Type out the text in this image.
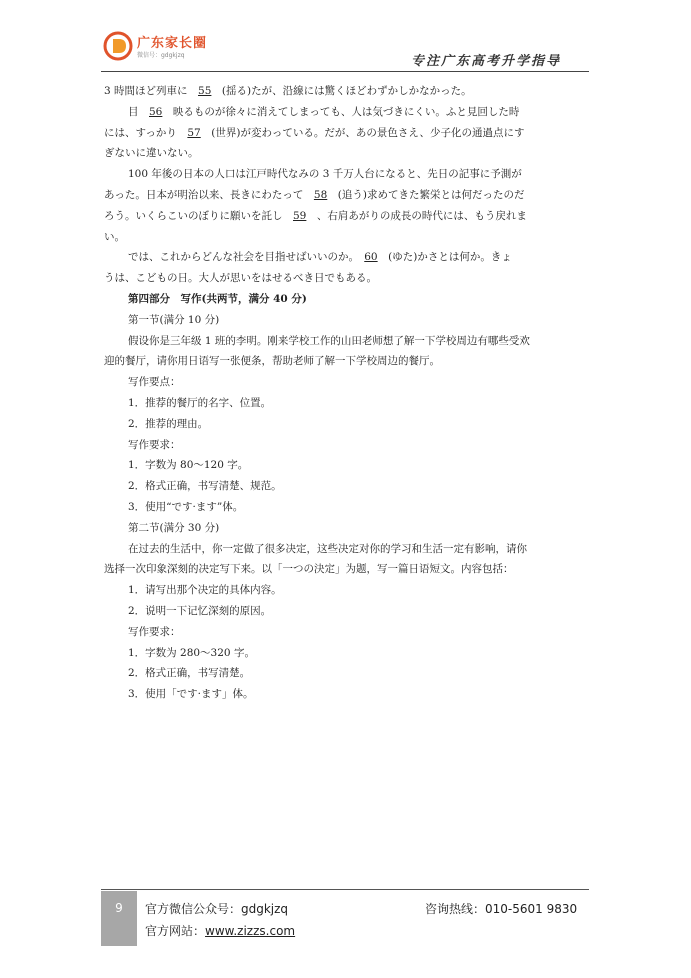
广东家长圈
微信号：gdgkjzq	专注广东高考升学指导

3 時間ほど列車に　 55　 (揺る)たが、沿線には驚くほどわずかしかなかった。

目　 56　 映るものが徐々に消えてしまっても、人は気づきにくい。ふと見回した時

には、すっかり　 57　 (世界)が変わっている。だが、あの景色さえ、少子化の通過点にす

ぎないに違いない。

100 年後の日本の人口は江戸時代なみの 3 千万人台になると、先日の記事に予測が

あった。日本が明治以来、長きにわたって　 58　 (追う)求めてきた繁栄とは何だったのだ

ろう。いくらこいのぼりに願いを託し　 59　 、右肩あがりの成長の時代には、もう戻れま

い。

では、これからどんな社会を目指せばいいのか。　 60　 (ゆた)かさとは何か。きょ

うは、こどもの日。大人が思いをはせるべき日でもある。

第四部分　写作(共两节，满分 40 分)

第一节(满分 10 分)

假设你是三年级 1 班的李明。刚来学校工作的山田老师想了解一下学校周边有哪些受欢

迎的餐厅，请你用日语写一张便条，帮助老师了解一下学校周边的餐厅。

写作要点：

1．推荐的餐厅的名字、位置。

2．推荐的理由。

写作要求：

1．字数为 80～120 字。

2．格式正确，书写清楚、规范。

3．使用“です·ます”体。

第二节(满分 30 分)

在过去的生活中，你一定做了很多决定，这些决定对你的学习和生活一定有影响，请你

选择一次印象深刻的决定写下来。以「一つの決定」为题，写一篇日语短文。内容包括：

1．请写出那个决定的具体内容。

2．说明一下记忆深刻的原因。

写作要求：

1．字数为 280～320 字。

2．格式正确，书写清楚。

3．使用「です·ます」体。

9	官方微信公众号：gdgkjzq	咨询热线：010-5601 9830
官方网站：www.zizzs.com
